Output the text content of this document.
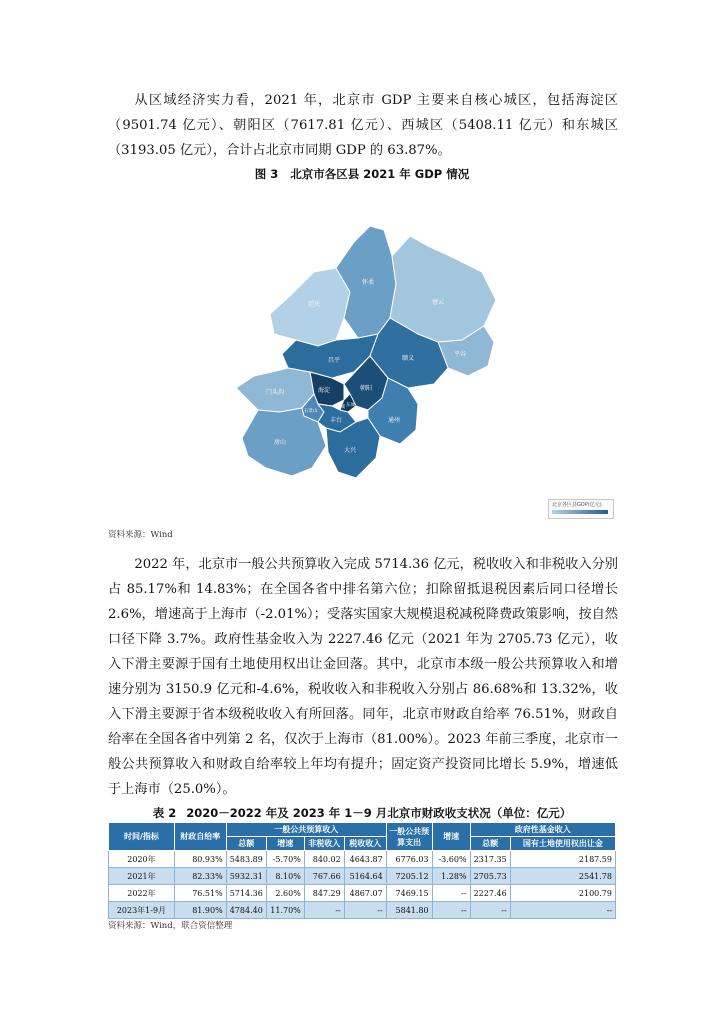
从区域经济实力看，2021 年，北京市 GDP 主要来自核心城区，包括海淀区（9501.74 亿元）、朝阳区（7617.81 亿元）、西城区（5408.11 亿元）和东城区（3193.05 亿元），合计占北京市同期 GDP 的 63.87%。

图 3 北京市各区县 2021 年 GDP 情况
延庆
怀柔
密云
平谷
顺义
昌平
门头沟
房山
大兴
通州
朝阳
海淀
西城 东城
丰台
石景山
北京各区县GDP(亿元)
资料来源：Wind

2022 年，北京市一般公共预算收入完成 5714.36 亿元，税收收入和非税收入分别占 85.17%和 14.83%；在全国各省中排名第六位；扣除留抵退税因素后同口径增长 2.6%，增速高于上海市（-2.01%）；受落实国家大规模退税减税降费政策影响，按自然口径下降 3.7%。政府性基金收入为 2227.46 亿元（2021 年为 2705.73 亿元），收入下滑主要源于国有土地使用权出让金回落。其中，北京市本级一般公共预算收入和增速分别为 3150.9 亿元和-4.6%，税收收入和非税收入分别占 86.68%和 13.32%，收入下滑主要源于省本级税收收入有所回落。同年，北京市财政自给率 76.51%，财政自给率在全国各省中列第 2 名，仅次于上海市（81.00%）。2023 年前三季度，北京市一般公共预算收入和财政自给率较上年均有提升；固定资产投资同比增长 5.9%，增速低于上海市（25.0%）。

表 2 2020－2022 年及 2023 年 1－9 月北京市财政收支状况（单位：亿元）
时间/指标	财政自给率	一般公共预算收入				一般公共预算支出	增速	政府性基金收入	
		总额	增速	非税收入	税收收入			总额	国有土地使用权出让金
2020年	80.93%	5483.89	-5.70%	840.02	4643.87	6776.03	-3.60%	2317.35	2187.59
2021年	82.33%	5932.31	8.10%	767.66	5164.64	7205.12	1.28%	2705.73	2541.78
2022年	76.51%	5714.36	2.60%	847.29	4867.07	7469.15	--	2227.46	2100.79
2023年1-9月	81.90%	4784.40	11.70%	--	--	5841.80	--	--	--
资料来源：Wind，联合资信整理
